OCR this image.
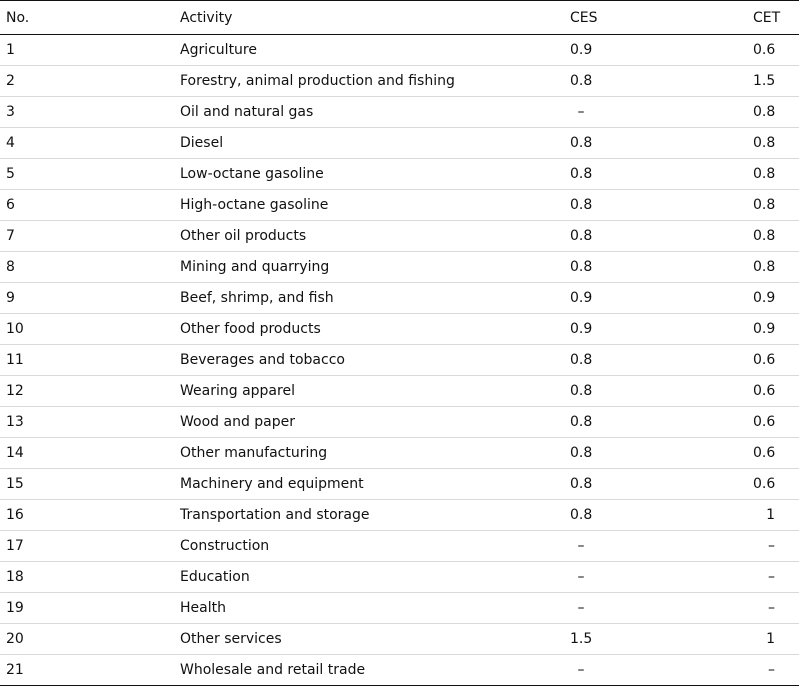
No.	Activity	CES	CET
1	Agriculture	0.9	0.6
2	Forestry, animal production and fishing	0.8	1.5
3	Oil and natural gas	–	0.8
4	Diesel	0.8	0.8
5	Low-octane gasoline	0.8	0.8
6	High-octane gasoline	0.8	0.8
7	Other oil products	0.8	0.8
8	Mining and quarrying	0.8	0.8
9	Beef, shrimp, and fish	0.9	0.9
10	Other food products	0.9	0.9
11	Beverages and tobacco	0.8	0.6
12	Wearing apparel	0.8	0.6
13	Wood and paper	0.8	0.6
14	Other manufacturing	0.8	0.6
15	Machinery and equipment	0.8	0.6
16	Transportation and storage	0.8	1
17	Construction	–	–
18	Education	–	–
19	Health	–	–
20	Other services	1.5	1
21	Wholesale and retail trade	–	–
